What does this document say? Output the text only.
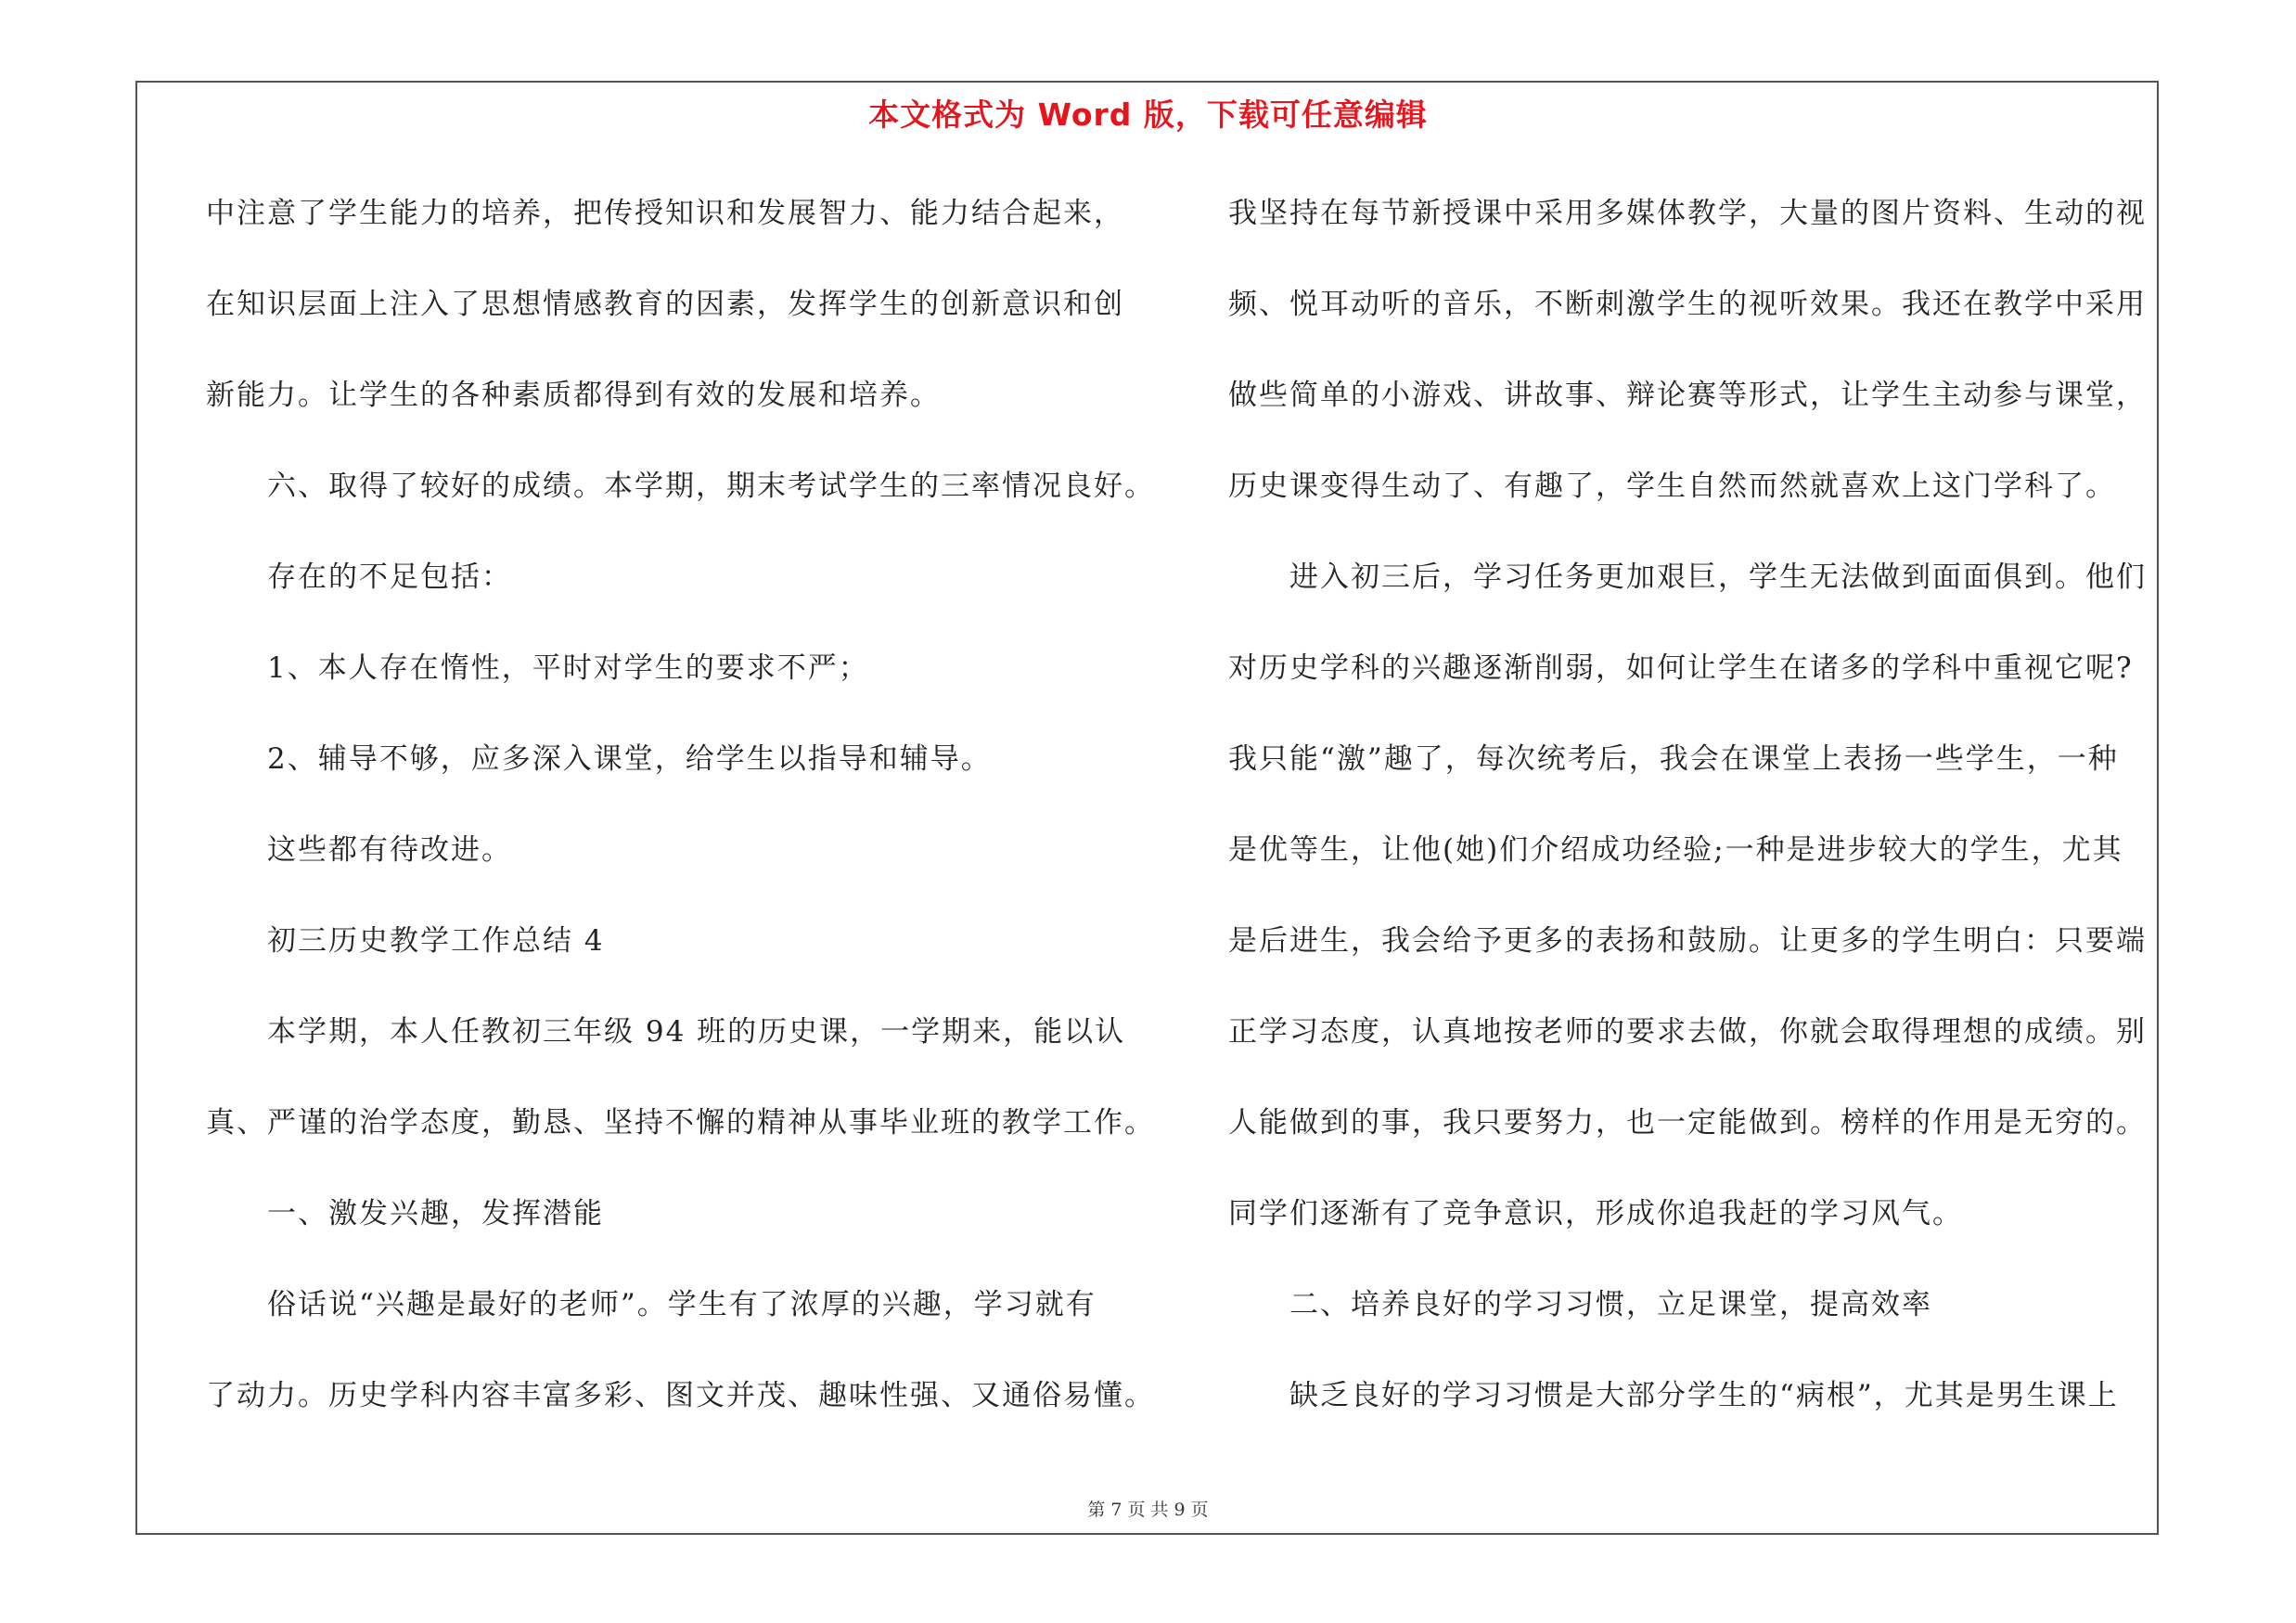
本文格式为 Word 版，下载可任意编辑
中注意了学生能力的培养，把传授知识和发展智力、能力结合起来，
在知识层面上注入了思想情感教育的因素，发挥学生的创新意识和创
新能力。让学生的各种素质都得到有效的发展和培养。
六、取得了较好的成绩。本学期，期末考试学生的三率情况良好。
存在的不足包括：
1、本人存在惰性，平时对学生的要求不严；
2、辅导不够，应多深入课堂，给学生以指导和辅导。
这些都有待改进。
初三历史教学工作总结 4
本学期，本人任教初三年级 94 班的历史课，一学期来，能以认
真、严谨的治学态度，勤恳、坚持不懈的精神从事毕业班的教学工作。
一、激发兴趣，发挥潜能
俗话说“兴趣是最好的老师”。学生有了浓厚的兴趣，学习就有
了动力。历史学科内容丰富多彩、图文并茂、趣味性强、又通俗易懂。
我坚持在每节新授课中采用多媒体教学，大量的图片资料、生动的视
频、悦耳动听的音乐，不断刺激学生的视听效果。我还在教学中采用
做些简单的小游戏、讲故事、辩论赛等形式，让学生主动参与课堂，
历史课变得生动了、有趣了，学生自然而然就喜欢上这门学科了。
进入初三后，学习任务更加艰巨，学生无法做到面面俱到。他们
对历史学科的兴趣逐渐削弱，如何让学生在诸多的学科中重视它呢?
我只能“激”趣了，每次统考后，我会在课堂上表扬一些学生，一种
是优等生，让他(她)们介绍成功经验;一种是进步较大的学生，尤其
是后进生，我会给予更多的表扬和鼓励。让更多的学生明白：只要端
正学习态度，认真地按老师的要求去做，你就会取得理想的成绩。别
人能做到的事，我只要努力，也一定能做到。榜样的作用是无穷的。
同学们逐渐有了竞争意识，形成你追我赶的学习风气。
二、培养良好的学习习惯，立足课堂，提高效率
缺乏良好的学习习惯是大部分学生的“病根”，尤其是男生课上
第 7 页 共 9 页
